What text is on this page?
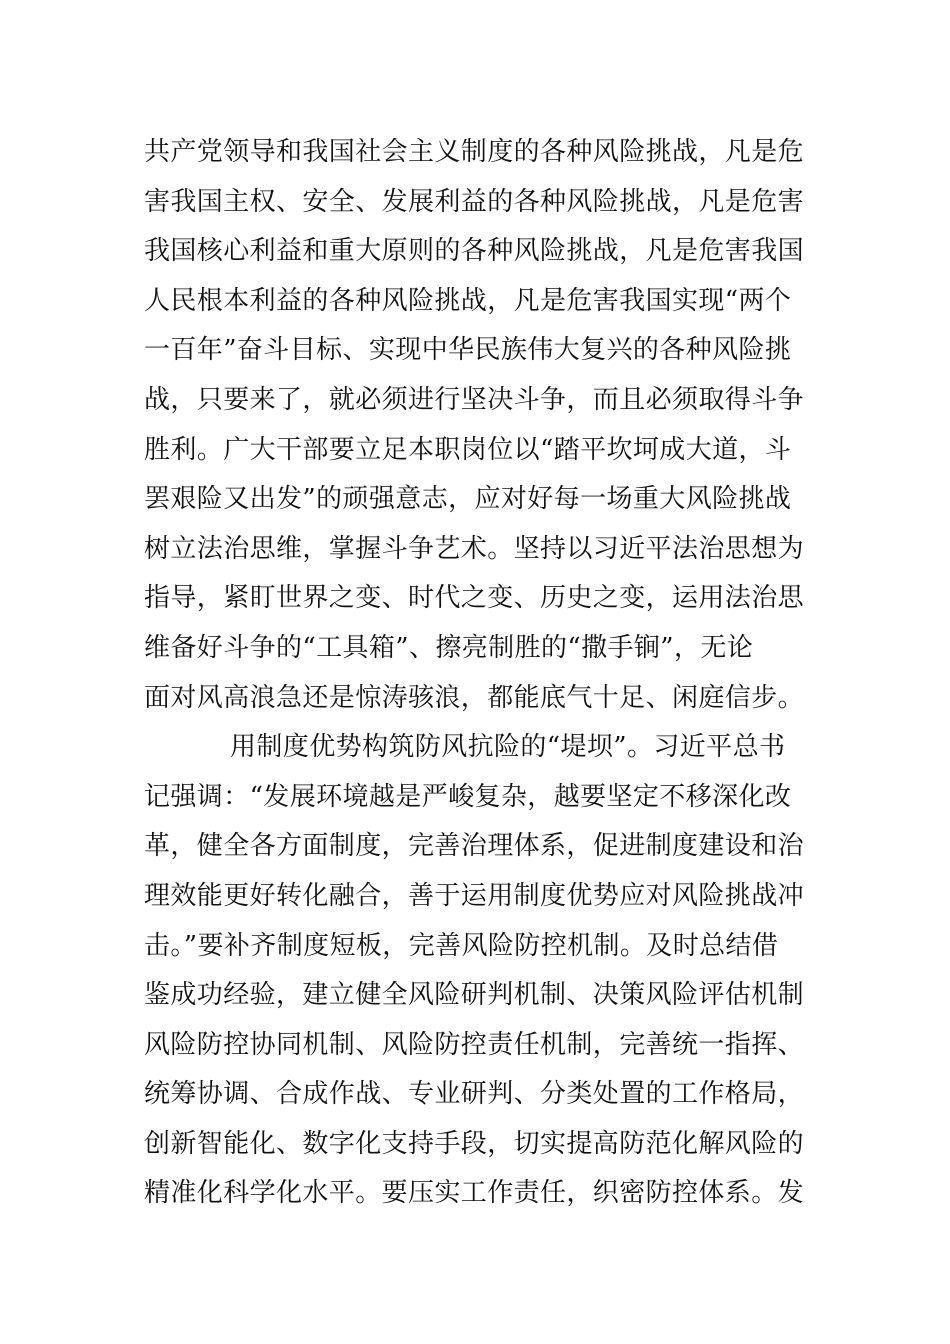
共产党领导和我国社会主义制度的各种风险挑战，凡是危
害我国主权、安全、发展利益的各种风险挑战，凡是危害
我国核心利益和重大原则的各种风险挑战，凡是危害我国
人民根本利益的各种风险挑战，凡是危害我国实现“两个
一百年”奋斗目标、实现中华民族伟大复兴的各种风险挑
战，只要来了，就必须进行坚决斗争，而且必须取得斗争
胜利。广大干部要立足本职岗位以“踏平坎坷成大道，斗
罢艰险又出发”的顽强意志，应对好每一场重大风险挑战
树立法治思维，掌握斗争艺术。坚持以习近平法治思想为
指导，紧盯世界之变、时代之变、历史之变，运用法治思
维备好斗争的“工具箱”、擦亮制胜的“撒手锏”，无论
面对风高浪急还是惊涛骇浪，都能底气十足、闲庭信步。
用制度优势构筑防风抗险的“堤坝”。习近平总书
记强调：“发展环境越是严峻复杂，越要坚定不移深化改
革，健全各方面制度，完善治理体系，促进制度建设和治
理效能更好转化融合，善于运用制度优势应对风险挑战冲
击。”要补齐制度短板，完善风险防控机制。及时总结借
鉴成功经验，建立健全风险研判机制、决策风险评估机制
风险防控协同机制、风险防控责任机制，完善统一指挥、
统筹协调、合成作战、专业研判、分类处置的工作格局，
创新智能化、数字化支持手段，切实提高防范化解风险的
精准化科学化水平。要压实工作责任，织密防控体系。发
